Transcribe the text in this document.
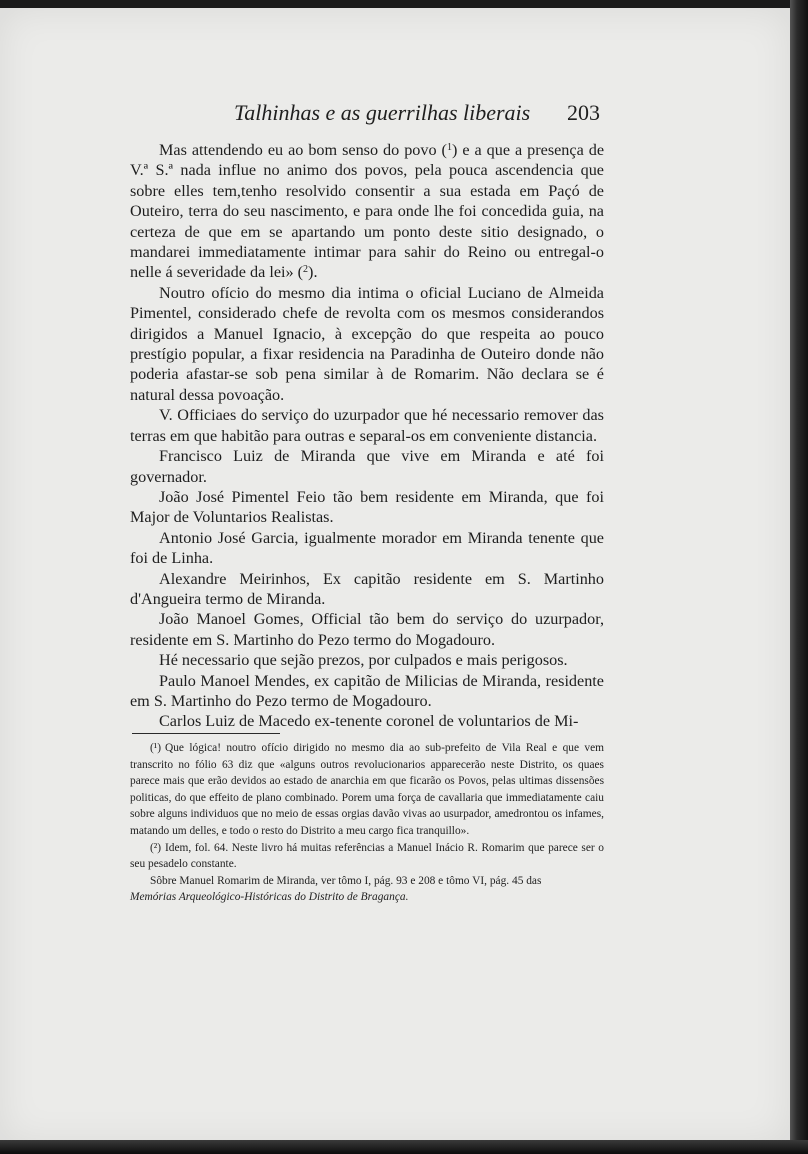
Talhinhas e as guerrilhas liberais 203

Mas attendendo eu ao bom senso do povo ($^1$) e a que a presença de V.ª S.ª nada influe no animo dos povos, pela pouca ascendencia que sobre elles tem,tenho resolvido consentir a sua estada em Paçó de Outeiro, terra do seu nascimento, e para onde lhe foi concedida guia, na certeza de que em se apartando um ponto deste sitio designado, o mandarei immediatamente intimar para sahir do Reino ou entregal-o nelle á severidade da lei» ($^2$).

Noutro ofício do mesmo dia intima o oficial Luciano de Almeida Pimentel, considerado chefe de revolta com os mesmos considerandos dirigidos a Manuel Ignacio, à excepção do que respeita ao pouco prestígio popular, a fixar residencia na Paradinha de Outeiro donde não poderia afastar-se sob pena similar à de Romarim. Não declara se é natural dessa povoação.

V. Officiaes do serviço do uzurpador que hé necessario remover das terras em que habitão para outras e separal-os em conveniente distancia.

Francisco Luiz de Miranda que vive em Miranda e até foi governador.

João José Pimentel Feio tão bem residente em Miranda, que foi Major de Voluntarios Realistas.

Antonio José Garcia, igualmente morador em Miranda tenente que foi de Linha.

Alexandre Meirinhos, Ex capitão residente em S. Martinho d'Angueira termo de Miranda.

João Manoel Gomes, Official tão bem do serviço do uzurpador, residente em S. Martinho do Pezo termo do Mogadouro.

Hé necessario que sejão prezos, por culpados e mais perigosos.

Paulo Manoel Mendes, ex capitão de Milicias de Miranda, residente em S. Martinho do Pezo termo de Mogadouro.

Carlos Luiz de Macedo ex-tenente coronel de voluntarios de Mi-

(¹) Que lógica! noutro ofício dirigido no mesmo dia ao sub-prefeito de Vila Real e que vem transcrito no fólio 63 diz que «alguns outros revolucionarios apparecerão neste Distrito, os quaes parece mais que erão devidos ao estado de anarchia em que ficarão os Povos, pelas ultimas dissensões politicas, do que effeito de plano combinado. Porem uma força de cavallaria que immediatamente caiu sobre alguns individuos que no meio de essas orgias davão vivas ao usurpador, amedrontou os infames, matando um delles, e todo o resto do Distrito a meu cargo fica tranquillo».

(²) Idem, fol. 64. Neste livro há muitas referências a Manuel Inácio R. Romarim que parece ser o seu pesadelo constante.

Sôbre Manuel Romarim de Miranda, ver tômo I, pág. 93 e 208 e tômo VI, pág. 45 das
Memórias Arqueológico-Históricas do Distrito de Bragança.
